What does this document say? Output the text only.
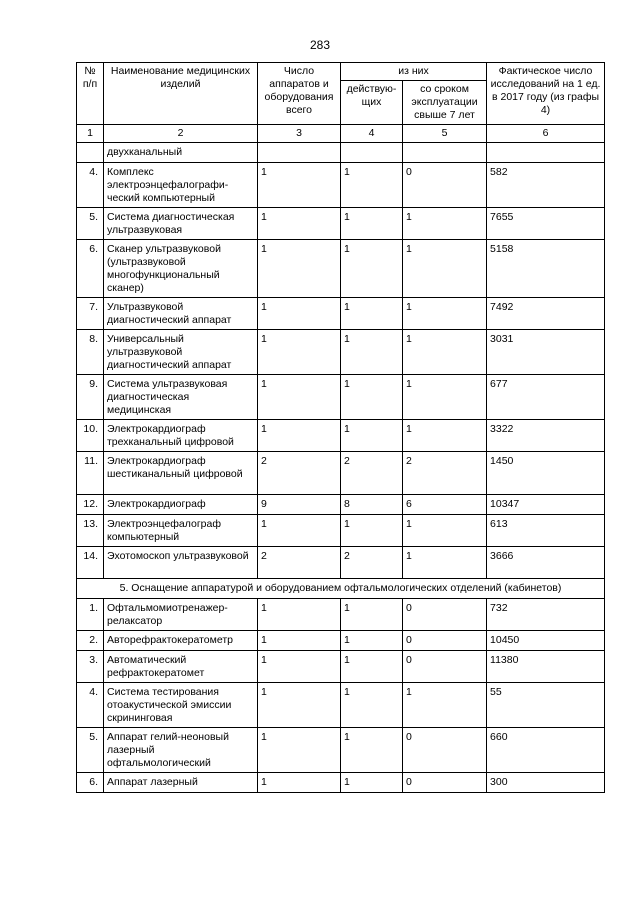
283
№ п/п	Наименование медицинских изделий	Число аппаратов и оборудования всего	из них		Фактическое число исследований на 1 ед. в 2017 году (из графы 4)
			действую-щих	со сроком эксплуатации свыше 7 лет	
1	2	3	4	5	6
	двухканальный				
4.	Комплекс электроэнцефалографи-ческий компьютерный	1	1	0	582
5.	Система диагностическая ультразвуковая	1	1	1	7655
6.	Сканер ультразвуковой (ультразвуковой многофункциональный сканер)	1	1	1	5158
7.	Ультразвуковой диагностический аппарат	1	1	1	7492
8.	Универсальный ультразвуковой диагностический аппарат	1	1	1	3031
9.	Система ультразвуковая диагностическая медицинская	1	1	1	677
10.	Электрокардиограф трехканальный цифровой	1	1	1	3322
11.	Электрокардиограф шестиканальный цифровой	2	2	2	1450
12.	Электрокардиограф	9	8	6	10347
13.	Электроэнцефалограф компьютерный	1	1	1	613
14.	Эхотомоскоп ультразвуковой	2	2	1	3666
5. Оснащение аппаратурой и оборудованием офтальмологических отделений (кабинетов)					
1.	Офтальмомиотренажер-релаксатор	1	1	0	732
2.	Авторефрактокератометр	1	1	0	10450
3.	Автоматический рефрактокератомет	1	1	0	11380
4.	Система тестирования отоакустической эмиссии скрининговая	1	1	1	55
5.	Аппарат гелий-неоновый лазерный офтальмологический	1	1	0	660
6.	Аппарат лазерный	1	1	0	300
